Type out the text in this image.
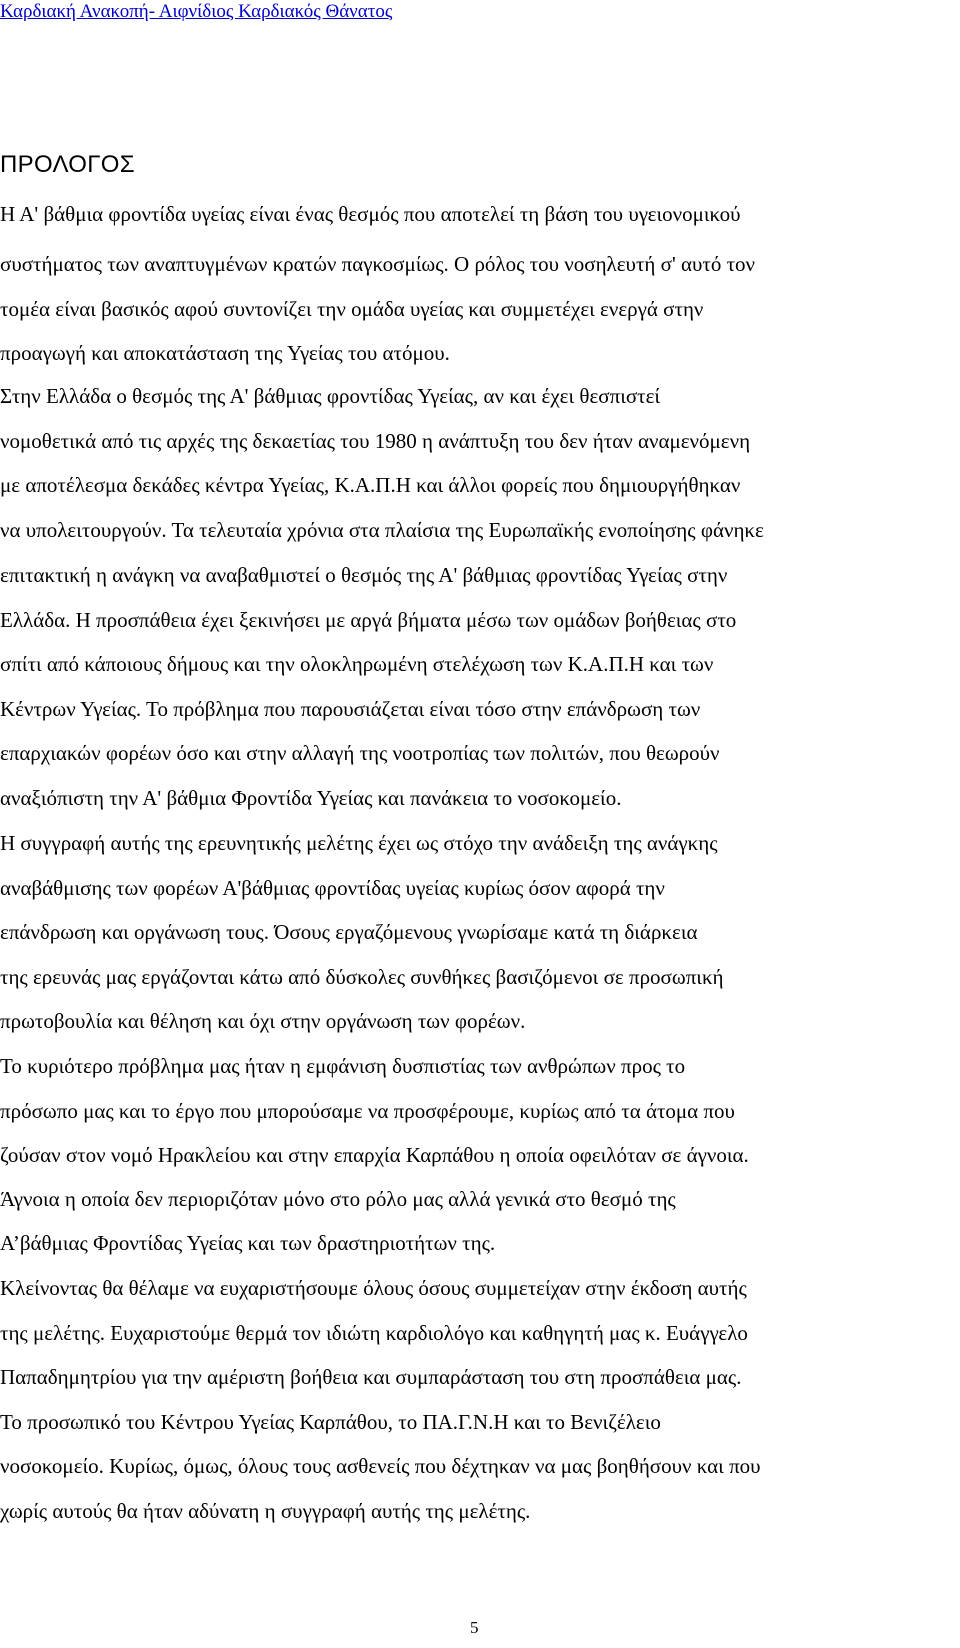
Καρδιακή Ανακοπή- Αιφνίδιος Καρδιακός Θάνατος
ΠΡΟΛΟΓΟΣ
Η Α' βάθμια φροντίδα υγείας είναι ένας θεσμός που αποτελεί τη βάση του υγειονομικού
συστήματος των αναπτυγμένων κρατών παγκοσμίως. Ο ρόλος του νοσηλευτή σ' αυτό τον
τομέα είναι βασικός αφού συντονίζει την ομάδα υγείας και συμμετέχει ενεργά στην
προαγωγή και αποκατάσταση της Υγείας του ατόμου.
Στην Ελλάδα ο θεσμός της Α' βάθμιας φροντίδας Υγείας, αν και έχει θεσπιστεί
νομοθετικά από τις αρχές της δεκαετίας του 1980 η ανάπτυξη του δεν ήταν αναμενόμενη
με αποτέλεσμα δεκάδες κέντρα Υγείας, Κ.Α.Π.Η και άλλοι φορείς που δημιουργήθηκαν
να υπολειτουργούν. Τα τελευταία χρόνια στα πλαίσια της Ευρωπαϊκής ενοποίησης φάνηκε
επιτακτική η ανάγκη να αναβαθμιστεί ο θεσμός της Α' βάθμιας φροντίδας Υγείας στην
Ελλάδα. Η προσπάθεια έχει ξεκινήσει με αργά βήματα μέσω των ομάδων βοήθειας στο
σπίτι από κάποιους δήμους και την ολοκληρωμένη στελέχωση των Κ.Α.Π.Η και των
Κέντρων Υγείας. Το πρόβλημα που παρουσιάζεται είναι τόσο στην επάνδρωση των
επαρχιακών φορέων όσο και στην αλλαγή της νοοτροπίας των πολιτών, που θεωρούν
αναξιόπιστη την Α' βάθμια Φροντίδα Υγείας και πανάκεια το νοσοκομείο.
Η συγγραφή αυτής της ερευνητικής μελέτης έχει ως στόχο την ανάδειξη της ανάγκης
αναβάθμισης των φορέων Α'βάθμιας φροντίδας υγείας κυρίως όσον αφορά την
επάνδρωση και οργάνωση τους. Όσους εργαζόμενους γνωρίσαμε κατά τη διάρκεια
της ερευνάς μας εργάζονται κάτω από δύσκολες συνθήκες βασιζόμενοι σε προσωπική
πρωτοβουλία και θέληση και όχι στην οργάνωση των φορέων.
Το κυριότερο πρόβλημα μας ήταν η εμφάνιση δυσπιστίας των ανθρώπων προς το
πρόσωπο μας και το έργο που μπορούσαμε να προσφέρουμε, κυρίως από τα άτομα που
ζούσαν στον νομό Ηρακλείου και στην επαρχία Καρπάθου η οποία οφειλόταν σε άγνοια.
Άγνοια η οποία δεν περιοριζόταν μόνο στο ρόλο μας αλλά γενικά στο θεσμό της
Α’βάθμιας Φροντίδας Υγείας και των δραστηριοτήτων της.
Κλείνοντας θα θέλαμε να ευχαριστήσουμε όλους όσους συμμετείχαν στην έκδοση αυτής
της μελέτης. Ευχαριστούμε θερμά τον ιδιώτη καρδιολόγο και καθηγητή μας κ. Ευάγγελο
Παπαδημητρίου για την αμέριστη βοήθεια και συμπαράσταση του στη προσπάθεια μας.
Το προσωπικό του Κέντρου Υγείας Καρπάθου, το ΠΑ.Γ.Ν.Η και το Βενιζέλειο
νοσοκομείο. Κυρίως, όμως, όλους τους ασθενείς που δέχτηκαν να μας βοηθήσουν και που
χωρίς αυτούς θα ήταν αδύνατη η συγγραφή αυτής της μελέτης.
5
